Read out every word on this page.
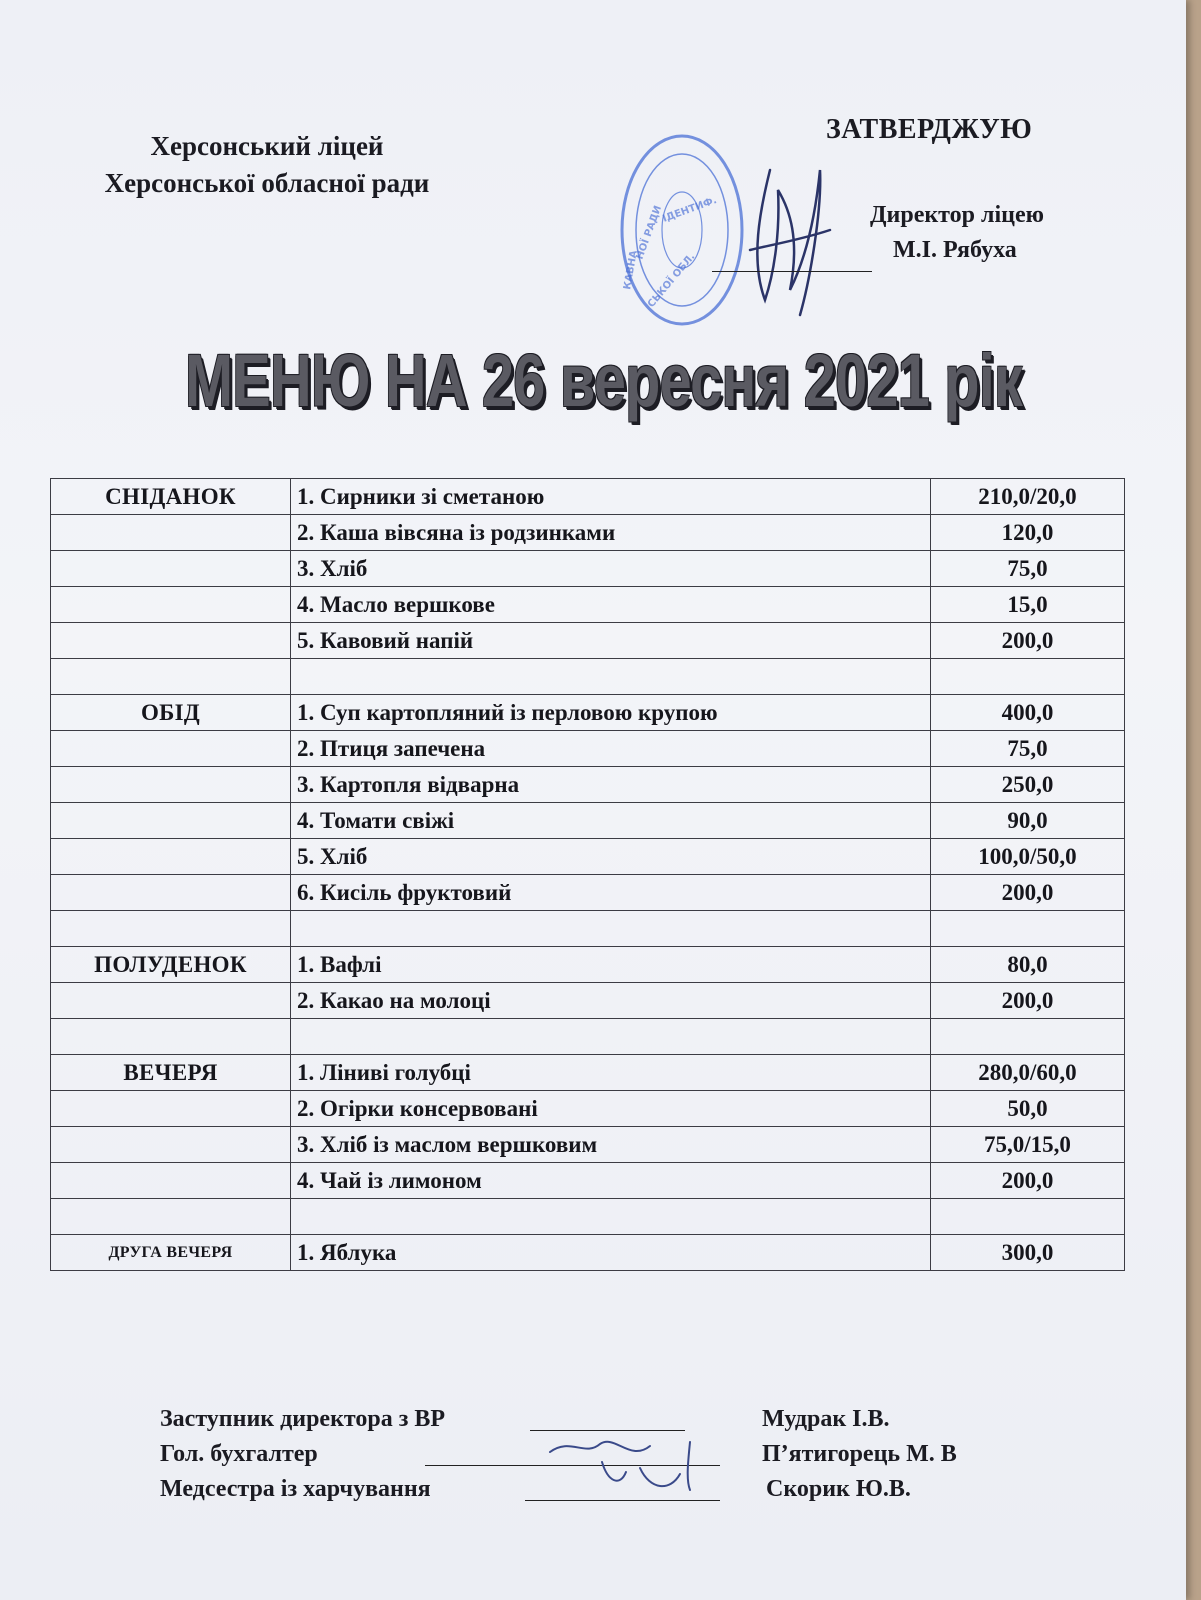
Херсонський ліцей
Херсонської обласної ради
КАВНА СЬКОЇ ОБЛ.
НОЇ РАДИ
ІДЕНТИФ.
ЗАТВЕРДЖУЮ
Директор ліцею
М.І. Рябуха
МЕНЮ НА 26 вересня 2021 рік
СНІДАНОК	1. Сирники зі сметаною	210,0/20,0
	2. Каша вівсяна із родзинками	120,0
	3. Хліб	75,0
	4. Масло вершкове	15,0
	5. Кавовий напій	200,0

ОБІД	1. Суп картопляний із перловою крупою	400,0
	2. Птиця запечена	75,0
	3. Картопля відварна	250,0
	4. Томати свіжі	90,0
	5. Хліб	100,0/50,0
	6. Кисіль фруктовий	200,0

ПОЛУДЕНОК	1. Вафлі	80,0
	2. Какао на молоці	200,0

ВЕЧЕРЯ	1. Ліниві голубці	280,0/60,0
	2. Огірки консервовані	50,0
	3. Хліб із маслом вершковим	75,0/15,0
	4. Чай із лимоном	200,0

ДРУГА ВЕЧЕРЯ	1. Яблука	300,0
Заступник директора з ВР	Мудрак І.В.
Гол. бухгалтер	П’ятигорець М. В
Медсестра із харчування	Скорик Ю.В.
